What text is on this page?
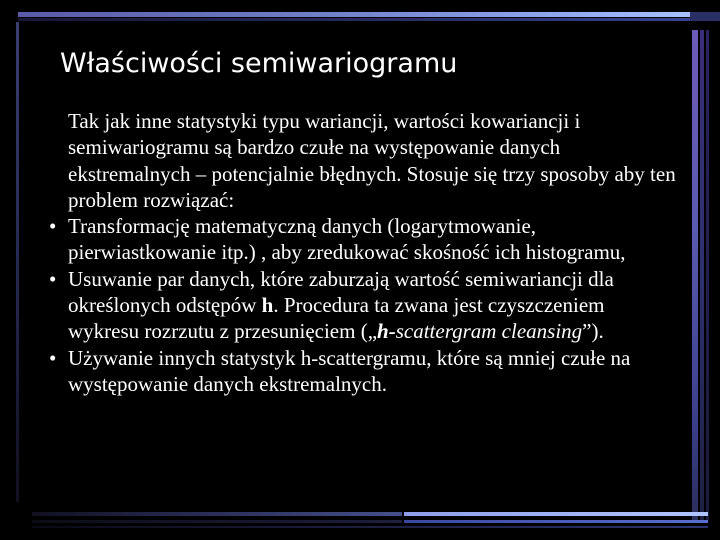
Właściwości semiwariogramu

Tak jak inne statystyki typu wariancji, wartości kowariancji i semiwariogramu są bardzo czułe na występowanie danych ekstremalnych – potencjalnie błędnych. Stosuje się trzy sposoby aby ten problem rozwiązać:

• Transformację matematyczną danych (logarytmowanie, pierwiastkowanie itp.) , aby zredukować skośność ich histogramu,

• Usuwanie par danych, które zaburzają wartość semiwariancji dla określonych odstępów h. Procedura ta zwana jest czyszczeniem wykresu rozrzutu z przesunięciem („h-scattergram cleansing”).

• Używanie innych statystyk h-scattergramu, które są mniej czułe na występowanie danych ekstremalnych.
